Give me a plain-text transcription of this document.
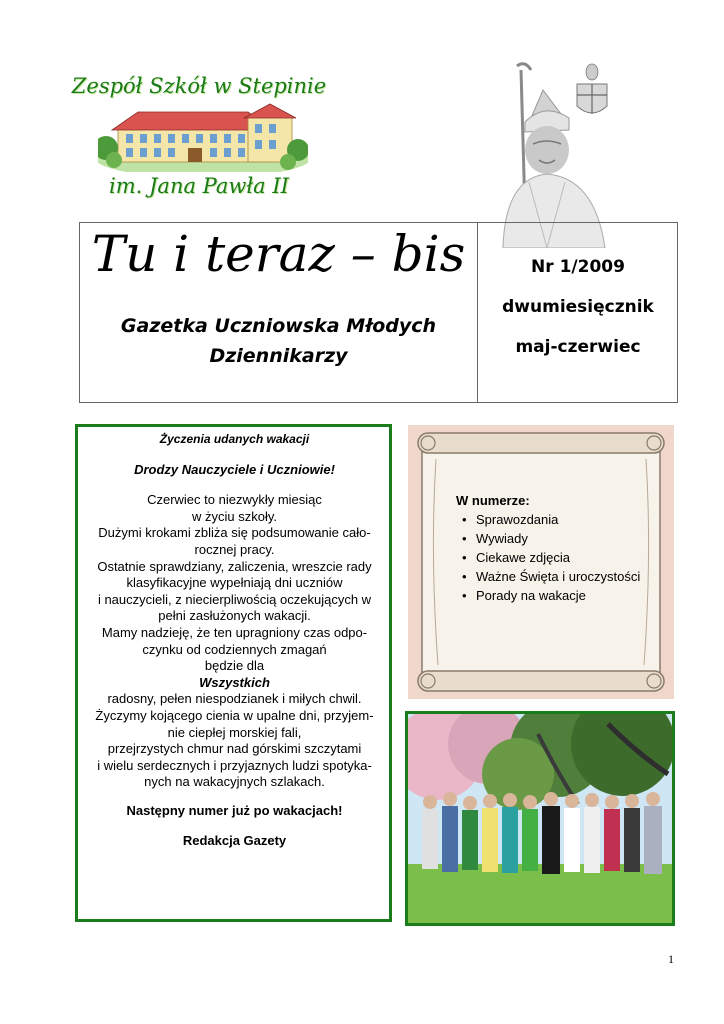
Zespół Szkół w Stepinie
im. Jana Pawła II
Tu i teraz – bis
Gazetka Uczniowska Młodych
Dziennikarzy
Nr 1/2009
dwumiesięcznik
maj-czerwiec

Życzenia udanych wakacji

Drodzy Nauczyciele i Uczniowie!

Czerwiec to niezwykły miesiąc

w życiu szkoły.

Dużymi krokami zbliża się podsumowanie cało-

rocznej pracy.

Ostatnie sprawdziany, zaliczenia, wreszcie rady

klasyfikacyjne wypełniają dni uczniów

i nauczycieli, z niecierpliwością oczekujących w

pełni zasłużonych wakacji.

Mamy nadzieję, że ten upragniony czas odpo-

czynku od codziennych zmagań

będzie dla

Wszystkich

radosny, pełen niespodzianek i miłych chwil.

Życzymy kojącego cienia w upalne dni, przyjem-

nie ciepłej morskiej fali,

przejrzystych chmur nad górskimi szczytami

i wielu serdecznych i przyjaznych ludzi spotyka-

nych na wakacyjnych szlakach.

Następny numer już po wakacjach!

Redakcja Gazety

W numerze:
• Sprawozdania
• Wywiady
• Ciekawe zdjęcia
• Ważne Święta i uroczystości
• Porady na wakacje
1
